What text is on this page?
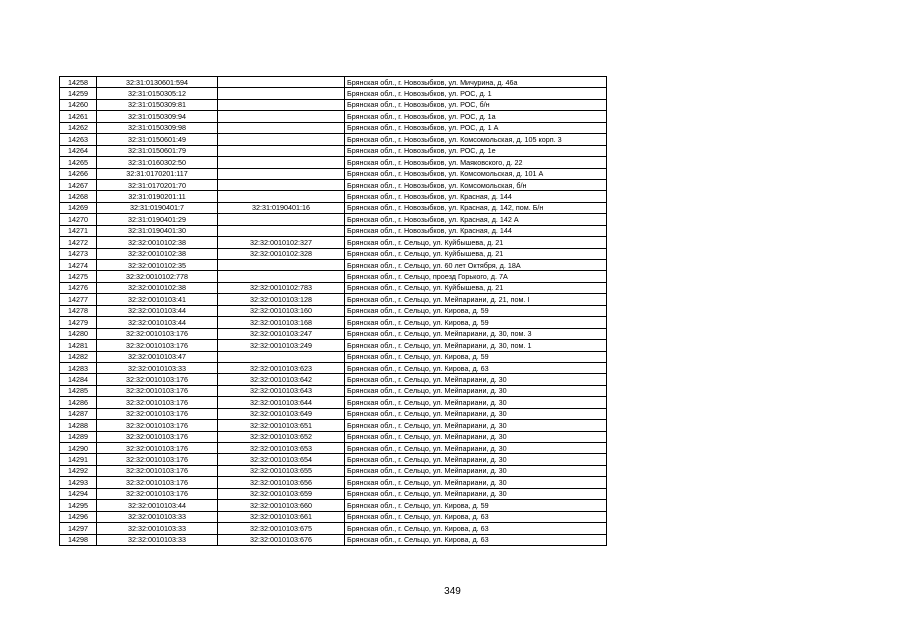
14258	32:31:0130601:594		Брянская обл., г. Новозыбков, ул. Мичурина, д. 46а
14259	32:31:0150305:12		Брянская обл., г. Новозыбков, ул. РОС, д. 1
14260	32:31:0150309:81		Брянская обл., г. Новозыбков, ул. РОС, б/н
14261	32:31:0150309:94		Брянская обл., г. Новозыбков, ул. РОС, д. 1а
14262	32:31:0150309:98		Брянская обл., г. Новозыбков, ул. РОС, д. 1 А
14263	32:31:0150601:49		Брянская обл., г. Новозыбков, ул. Комсомольская, д. 105 корп. 3
14264	32:31:0150601:79		Брянская обл., г. Новозыбков, ул. РОС, д. 1е
14265	32:31:0160302:50		Брянская обл., г. Новозыбков, ул. Маяковского, д. 22
14266	32:31:0170201:117		Брянская обл., г. Новозыбков, ул. Комсомольская, д. 101 А
14267	32:31:0170201:70		Брянская обл., г. Новозыбков, ул. Комсомольская, б/н
14268	32:31:0190201:11		Брянская обл., г. Новозыбков, ул. Красная, д. 144
14269	32:31:0190401:7	32:31:0190401:16	Брянская обл., г. Новозыбков, ул. Красная, д. 142, пом. Б/н
14270	32:31:0190401:29		Брянская обл., г. Новозыбков, ул. Красная, д. 142 А
14271	32:31:0190401:30		Брянская обл., г. Новозыбков, ул. Красная, д. 144
14272	32:32:0010102:38	32:32:0010102:327	Брянская обл., г. Сельцо, ул. Куйбышева, д. 21
14273	32:32:0010102:38	32:32:0010102:328	Брянская обл., г. Сельцо, ул. Куйбышева, д. 21
14274	32:32:0010102:35		Брянская обл., г. Сельцо, ул. 60 лет Октября, д. 18А
14275	32:32:0010102:778		Брянская обл., г. Сельцо, проезд Горького, д. 7А
14276	32:32:0010102:38	32:32:0010102:783	Брянская обл., г. Сельцо, ул. Куйбышева, д. 21
14277	32:32:0010103:41	32:32:0010103:128	Брянская обл., г. Сельцо, ул. Мейпариани, д. 21, пом. I
14278	32:32:0010103:44	32:32:0010103:160	Брянская обл., г. Сельцо, ул. Кирова, д. 59
14279	32:32:0010103:44	32:32:0010103:168	Брянская обл., г. Сельцо, ул. Кирова, д. 59
14280	32:32:0010103:176	32:32:0010103:247	Брянская обл., г. Сельцо, ул. Мейпариани, д. 30, пом. 3
14281	32:32:0010103:176	32:32:0010103:249	Брянская обл., г. Сельцо, ул. Мейпариани, д. 30, пом. 1
14282	32:32:0010103:47		Брянская обл., г. Сельцо, ул. Кирова, д. 59
14283	32:32:0010103:33	32:32:0010103:623	Брянская обл., г. Сельцо, ул. Кирова, д. 63
14284	32:32:0010103:176	32:32:0010103:642	Брянская обл., г. Сельцо, ул. Мейпариани, д. 30
14285	32:32:0010103:176	32:32:0010103:643	Брянская обл., г. Сельцо, ул. Мейпариани, д. 30
14286	32:32:0010103:176	32:32:0010103:644	Брянская обл., г. Сельцо, ул. Мейпариани, д. 30
14287	32:32:0010103:176	32:32:0010103:649	Брянская обл., г. Сельцо, ул. Мейпариани, д. 30
14288	32:32:0010103:176	32:32:0010103:651	Брянская обл., г. Сельцо, ул. Мейпариани, д. 30
14289	32:32:0010103:176	32:32:0010103:652	Брянская обл., г. Сельцо, ул. Мейпариани, д. 30
14290	32:32:0010103:176	32:32:0010103:653	Брянская обл., г. Сельцо, ул. Мейпариани, д. 30
14291	32:32:0010103:176	32:32:0010103:654	Брянская обл., г. Сельцо, ул. Мейпариани, д. 30
14292	32:32:0010103:176	32:32:0010103:655	Брянская обл., г. Сельцо, ул. Мейпариани, д. 30
14293	32:32:0010103:176	32:32:0010103:656	Брянская обл., г. Сельцо, ул. Мейпариани, д. 30
14294	32:32:0010103:176	32:32:0010103:659	Брянская обл., г. Сельцо, ул. Мейпариани, д. 30
14295	32:32:0010103:44	32:32:0010103:660	Брянская обл., г. Сельцо, ул. Кирова, д. 59
14296	32:32:0010103:33	32:32:0010103:661	Брянская обл., г. Сельцо, ул. Кирова, д. 63
14297	32:32:0010103:33	32:32:0010103:675	Брянская обл., г. Сельцо, ул. Кирова, д. 63
14298	32:32:0010103:33	32:32:0010103:676	Брянская обл., г. Сельцо, ул. Кирова, д. 63
349
